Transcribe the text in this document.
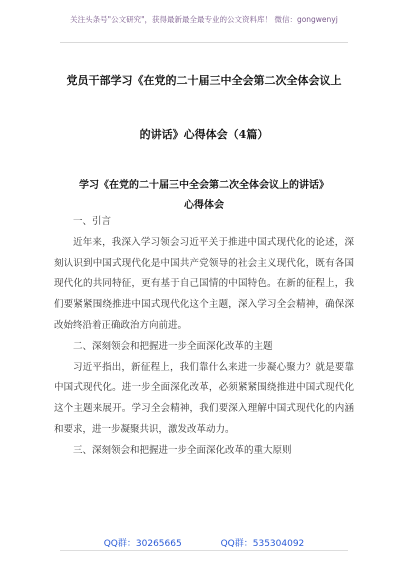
关注头条号"公文研究"，获得最新最全最专业的公文资料库！ 微信：gongwenyj
党员干部学习《在党的二十届三中全会第二次全体会议上
的讲话》心得体会（4篇）
学习《在党的二十届三中全会第二次全体会议上的讲话》
心得体会

一、引言

近年来，我深入学习领会习近平关于推进中国式现代化的论述，深刻认识到中国式现代化是中国共产党领导的社会主义现代化，既有各国现代化的共同特征，更有基于自己国情的中国特色。在新的征程上，我们要紧紧围绕推进中国式现代化这个主题，深入学习全会精神，确保深改始终沿着正确政治方向前进。

二、深刻领会和把握进一步全面深化改革的主题

习近平指出，新征程上，我们靠什么来进一步凝心聚力？就是要靠中国式现代化。进一步全面深化改革，必须紧紧围绕推进中国式现代化这个主题来展开。学习全会精神，我们要深入理解中国式现代化的内涵和要求，进一步凝聚共识，激发改革动力。

三、深刻领会和把握进一步全面深化改革的重大原则

QQ群：30265665	QQ群：535304092
